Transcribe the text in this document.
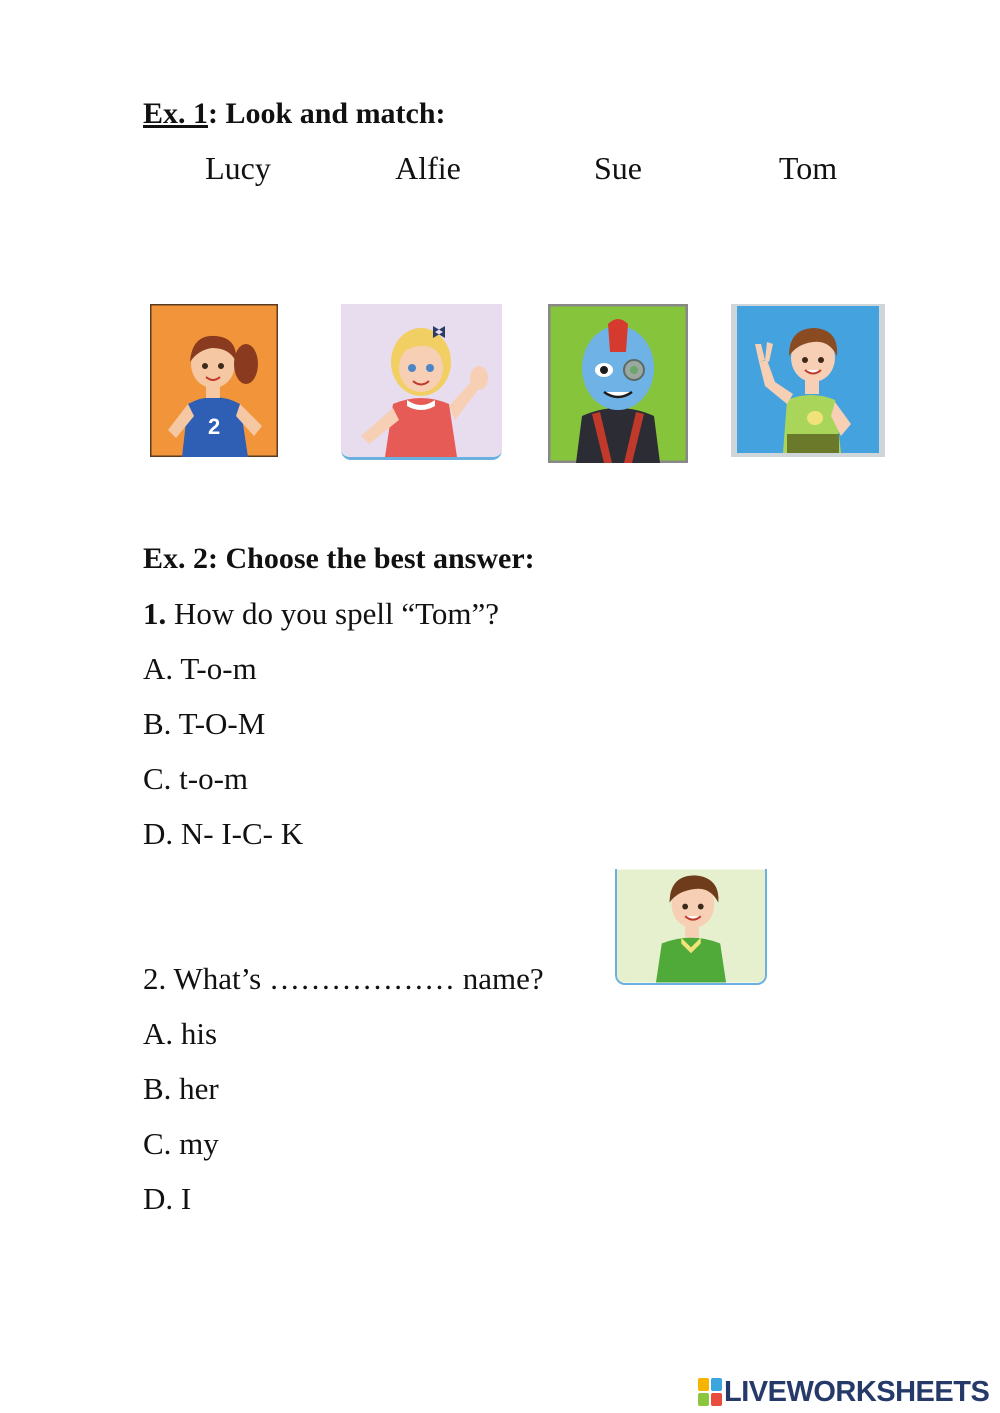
Ex. 1: Look and match:
Lucy	Alfie	Sue	Tom
2
Ex. 2: Choose the best answer:
1. How do you spell “Tom”?
A. T-o-m
B. T-O-M
C. t-o-m
D. N- I-C- K
2. What’s ……………… name?
A. his
B. her
C. my
D. I
LIVEWORKSHEETS
